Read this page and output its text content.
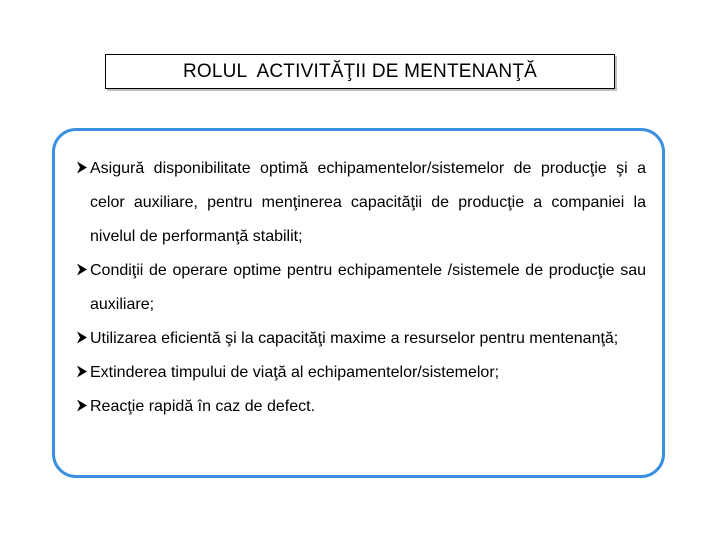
ROLUL  ACTIVITĂŢII DE MENTENANŢĂ
Asigură disponibilitate optimă echipamentelor/sistemelor de producţie şi a celor auxiliare, pentru menţinerea capacităţii de producţie a companiei la nivelul de performanţă stabilit;
Condiţii de operare optime pentru echipamentele /sistemele de producţie sau auxiliare;
Utilizarea eficientă şi la capacităţi maxime a resurselor pentru mentenanţă;
Extinderea timpului de viaţă al echipamentelor/sistemelor;
Reacţie rapidă în caz de defect.
